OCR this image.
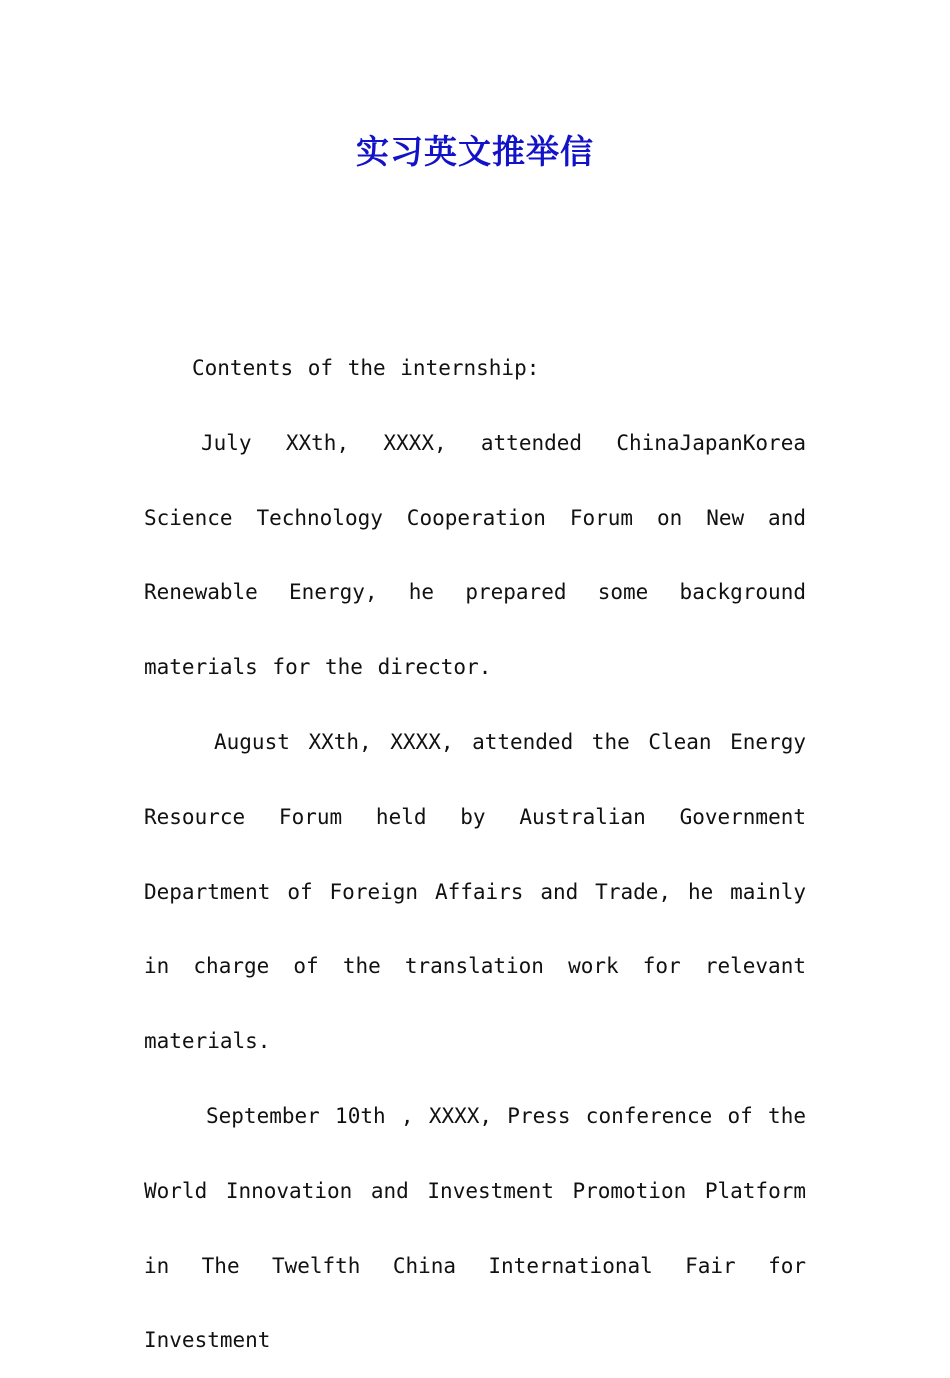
实习英文推举信

Contents of the internship:

July XXth, XXXX, attended ChinaJapanKorea Science Technology Cooperation Forum on New and Renewable Energy, he prepared some background materials for the director.

August XXth, XXXX, attended the Clean Energy Resource Forum held by Australian Government Department of Foreign Affairs and Trade, he mainly in charge of the translation work for relevant materials.

September 10th , XXXX, Press conference of the World Innovation and Investment Promotion Platform in The Twelfth China International Fair for Investment
